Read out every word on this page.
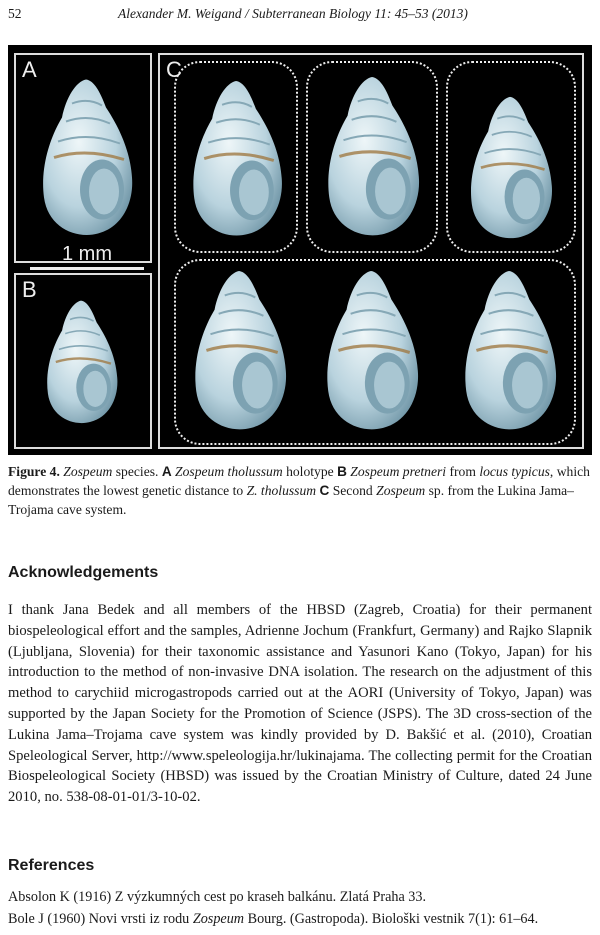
52	Alexander M. Weigand / Subterranean Biology 11: 45–53 (2013)
A
1 mm
B
C
Figure 4. Zospeum species. A Zospeum tholussum holotype B Zospeum pretneri from locus typicus, which demonstrates the lowest genetic distance to Z. tholussum C Second Zospeum sp. from the Lukina Jama–Trojama cave system.
Acknowledgements
I thank Jana Bedek and all members of the HBSD (Zagreb, Croatia) for their permanent biospeleological effort and the samples, Adrienne Jochum (Frankfurt, Germany) and Rajko Slapnik (Ljubljana, Slovenia) for their taxonomic assistance and Yasunori Kano (Tokyo, Japan) for his introduction to the method of non-invasive DNA isolation. The research on the adjustment of this method to carychiid microgastropods carried out at the AORI (University of Tokyo, Japan) was supported by the Japan Society for the Promotion of Science (JSPS). The 3D cross-section of the Lukina Jama–Trojama cave system was kindly provided by D. Bakšić et al. (2010), Croatian Speleological Server, http://www.speleologija.hr/lukinajama. The collecting permit for the Croatian Biospeleological Society (HBSD) was issued by the Croatian Ministry of Culture, dated 24 June 2010, no. 538-08-01-01/3-10-02.
References
Absolon K (1916) Z výzkumných cest po kraseh balkánu. Zlatá Praha 33.
Bole J (1960) Novi vrsti iz rodu Zospeum Bourg. (Gastropoda). Biološki vestnik 7(1): 61–64.
